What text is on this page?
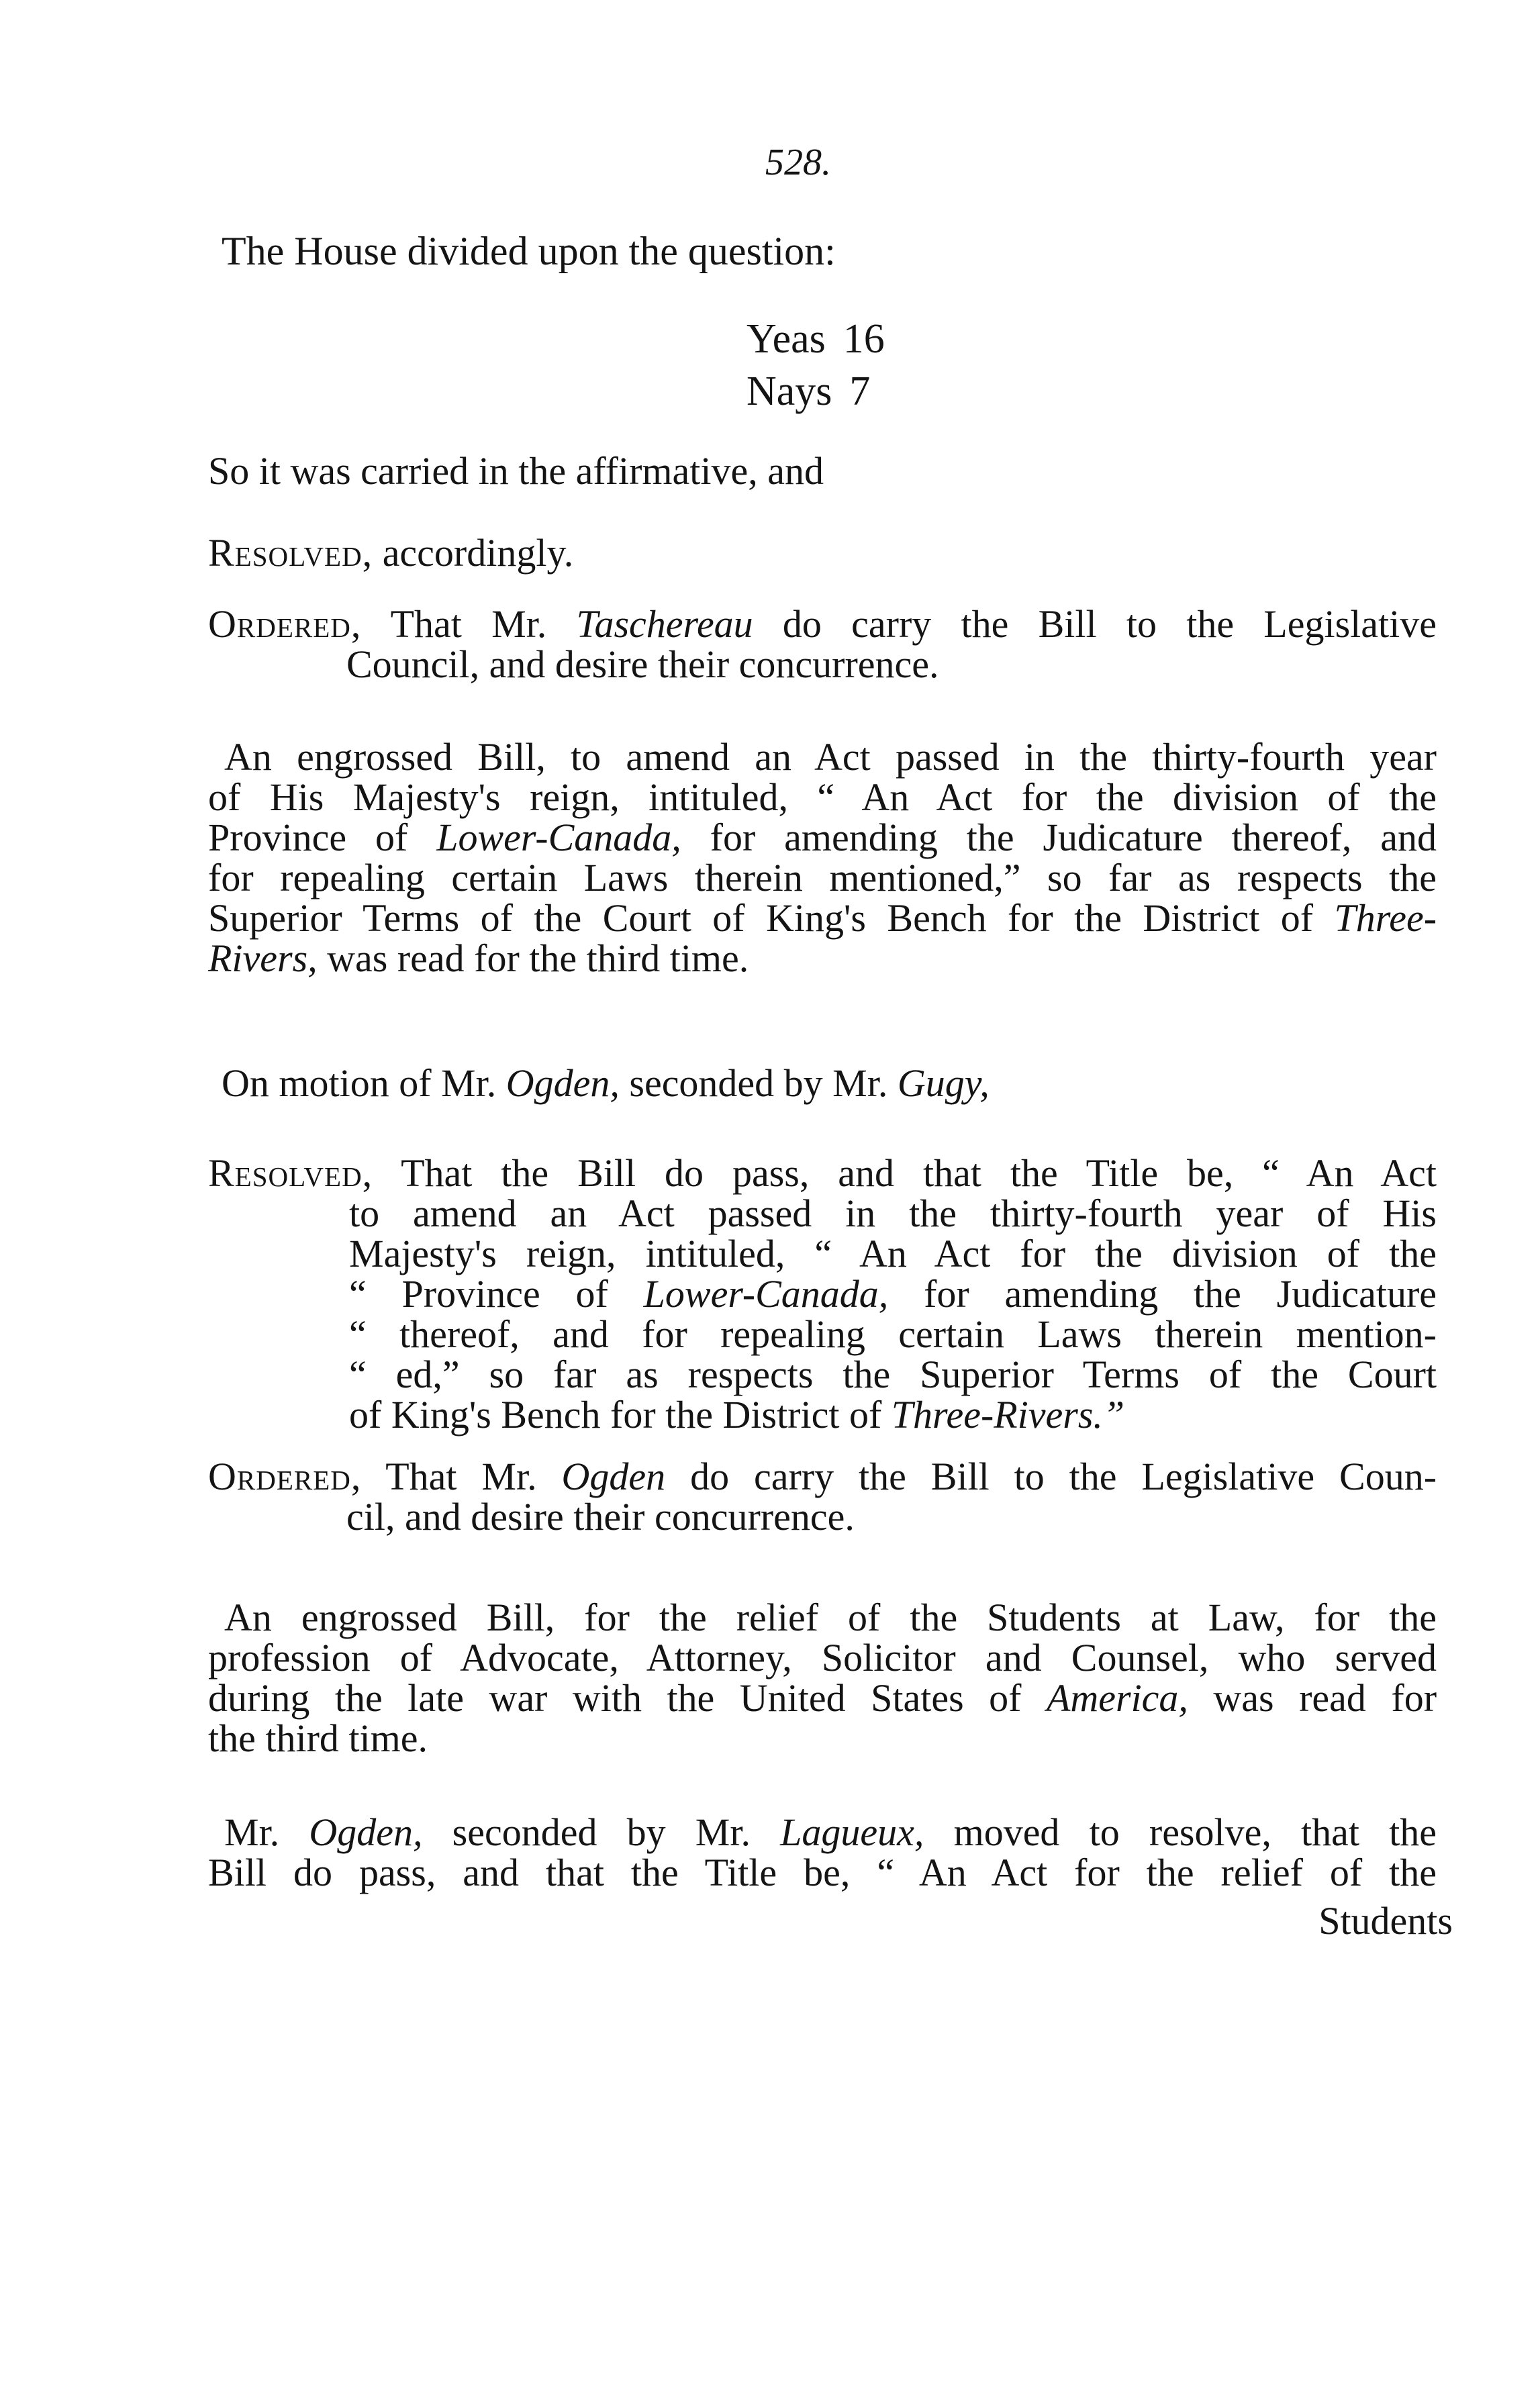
528.
The House divided upon the question:
Yeas 16
Nays 7
So it was carried in the affirmative, and
Resolved, accordingly.
Ordered, That Mr. Taschereau do carry the Bill to the Legislative
Council, and desire their concurrence.
An engrossed Bill, to amend an Act passed in the thirty-fourth year
of His Majesty's reign, intituled, “ An Act for the division of the
Province of Lower-Canada, for amending the Judicature thereof, and
for repealing certain Laws therein mentioned,” so far as respects the
Superior Terms of the Court of King's Bench for the District of Three-
Rivers, was read for the third time.
On motion of Mr. Ogden, seconded by Mr. Gugy,
Resolved, That the Bill do pass, and that the Title be, “ An Act
to amend an Act passed in the thirty-fourth year of His
Majesty's reign, intituled, “ An Act for the division of the
“ Province of Lower-Canada, for amending the Judicature
“ thereof, and for repealing certain Laws therein mention-
“ ed,” so far as respects the Superior Terms of the Court
of King's Bench for the District of Three-Rivers.”
Ordered, That Mr. Ogden do carry the Bill to the Legislative Coun-
cil, and desire their concurrence.
An engrossed Bill, for the relief of the Students at Law, for the
profession of Advocate, Attorney, Solicitor and Counsel, who served
during the late war with the United States of America, was read for
the third time.
Mr. Ogden, seconded by Mr. Lagueux, moved to resolve, that the
Bill do pass, and that the Title be, “ An Act for the relief of the
Students
